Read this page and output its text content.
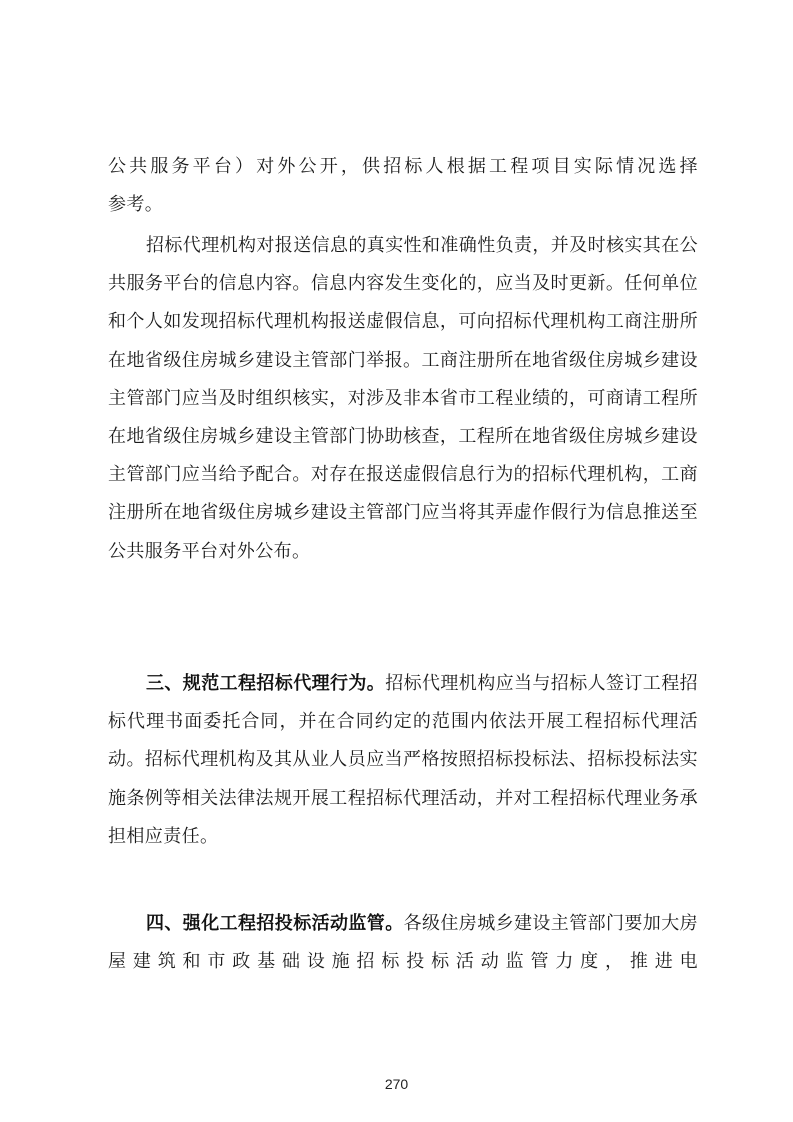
公共服务平台）对外公开，供招标人根据工程项目实际情况选择

参考。

招标代理机构对报送信息的真实性和准确性负责，并及时核实其在公共服务平台的信息内容。信息内容发生变化的，应当及时更新。任何单位和个人如发现招标代理机构报送虚假信息，可向招标代理机构工商注册所在地省级住房城乡建设主管部门举报。工商注册所在地省级住房城乡建设主管部门应当及时组织核实，对涉及非本省市工程业绩的，可商请工程所在地省级住房城乡建设主管部门协助核查，工程所在地省级住房城乡建设主管部门应当给予配合。对存在报送虚假信息行为的招标代理机构，工商注册所在地省级住房城乡建设主管部门应当将其弄虚作假行为信息推送至公共服务平台对外公布。

三、规范工程招标代理行为。招标代理机构应当与招标人签订工程招标代理书面委托合同，并在合同约定的范围内依法开展工程招标代理活动。招标代理机构及其从业人员应当严格按照招标投标法、招标投标法实施条例等相关法律法规开展工程招标代理活动，并对工程招标代理业务承担相应责任。

四、强化工程招投标活动监管。各级住房城乡建设主管部门要加大房屋建筑和市政基础设施招标投标活动监管力度，推进电

270
